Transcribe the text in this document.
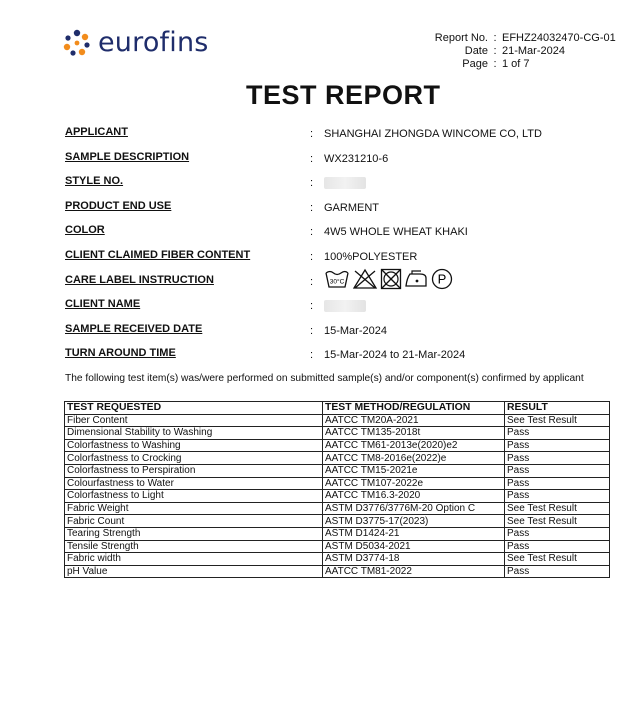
eurofins	Report No. : EFHZ24032470-CG-01
Date : 21-Mar-2024
Page : 1 of 7
TEST REPORT
APPLICANT	: SHANGHAI ZHONGDA WINCOME CO, LTD
SAMPLE DESCRIPTION	: WX231210-6
STYLE NO.	:
PRODUCT END USE	: GARMENT
COLOR	: 4W5 WHOLE WHEAT KHAKI
CLIENT CLAIMED FIBER CONTENT	: 100%POLYESTER
CARE LABEL INSTRUCTION	:	30°C	P
CLIENT NAME	:
SAMPLE RECEIVED DATE	: 15-Mar-2024
TURN AROUND TIME	: 15-Mar-2024 to 21-Mar-2024
The following test item(s) was/were performed on submitted sample(s) and/or component(s) confirmed by applicant
TEST REQUESTED	TEST METHOD/REGULATION	RESULT
Fiber Content	AATCC TM20A-2021	See Test Result
Dimensional Stability to Washing	AATCC TM135-2018t	Pass
Colorfastness to Washing	AATCC TM61-2013e(2020)e2	Pass
Colorfastness to Crocking	AATCC TM8-2016e(2022)e	Pass
Colorfastness to Perspiration	AATCC TM15-2021e	Pass
Colourfastness to Water	AATCC TM107-2022e	Pass
Colorfastness to Light	AATCC TM16.3-2020	Pass
Fabric Weight	ASTM D3776/3776M-20 Option C	See Test Result
Fabric Count	ASTM D3775-17(2023)	See Test Result
Tearing Strength	ASTM D1424-21	Pass
Tensile Strength	ASTM D5034-2021	Pass
Fabric width	ASTM D3774-18	See Test Result
pH Value	AATCC TM81-2022	Pass
